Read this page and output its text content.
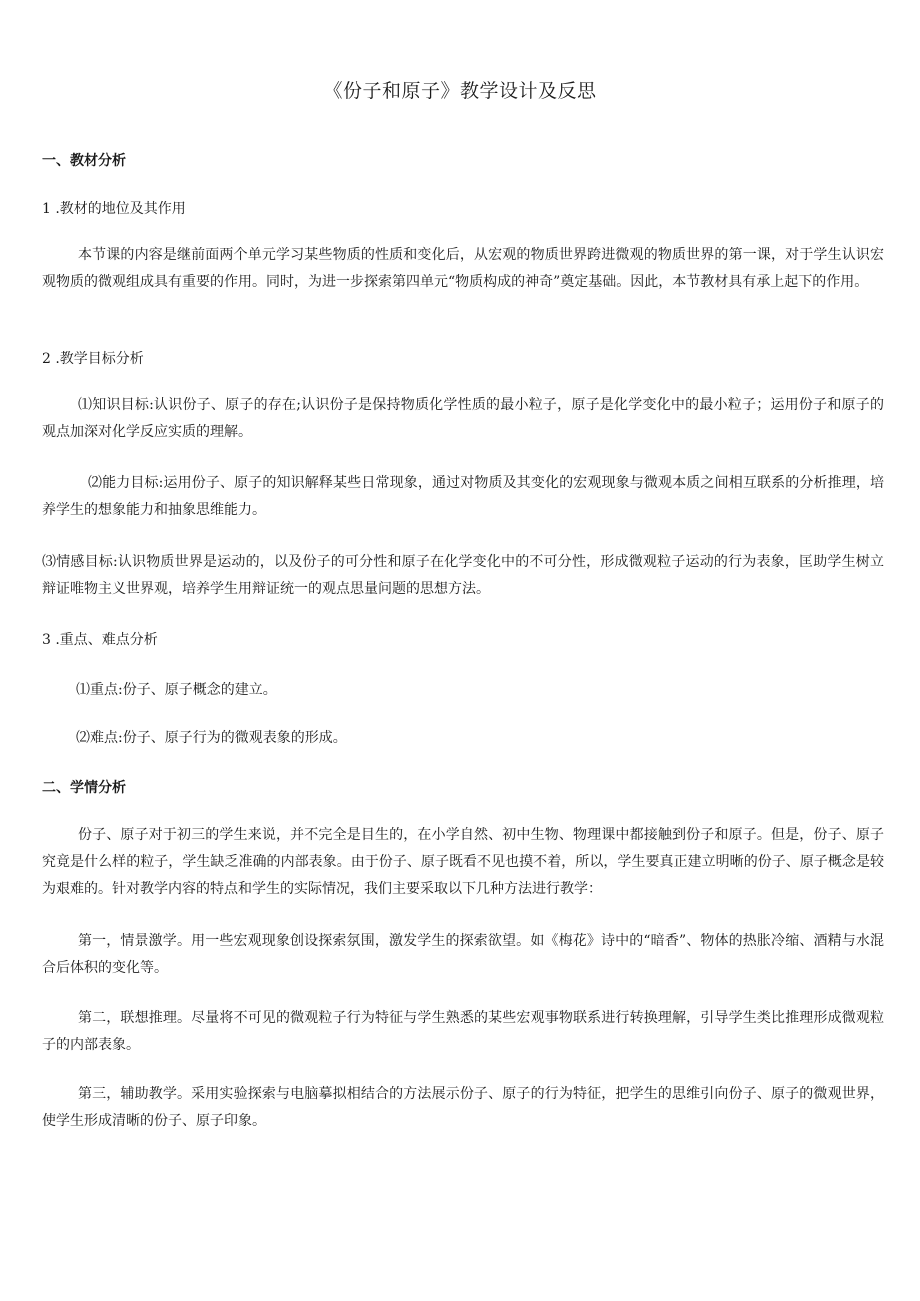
《份子和原子》教学设计及反思
一、教材分析

1 .教材的地位及其作用

本节课的内容是继前面两个单元学习某些物质的性质和变化后，从宏观的物质世界跨进微观的物质世界的第一课，对于学生认识宏观物质的微观组成具有重要的作用。同时，为进一步探索第四单元“物质构成的神奇”奠定基础。因此，本节教材具有承上起下的作用。

2 .教学目标分析

⑴知识目标:认识份子、原子的存在;认识份子是保持物质化学性质的最小粒子，原子是化学变化中的最小粒子；运用份子和原子的观点加深对化学反应实质的理解。

⑵能力目标:运用份子、原子的知识解释某些日常现象，通过对物质及其变化的宏观现象与微观本质之间相互联系的分析推理，培养学生的想象能力和抽象思维能力。

⑶情感目标:认识物质世界是运动的，以及份子的可分性和原子在化学变化中的不可分性，形成微观粒子运动的行为表象，匡助学生树立辩证唯物主义世界观，培养学生用辩证统一的观点思量问题的思想方法。

3 .重点、难点分析

⑴重点:份子、原子概念的建立。

⑵难点:份子、原子行为的微观表象的形成。

二、学情分析

份子、原子对于初三的学生来说，并不完全是目生的，在小学自然、初中生物、物理课中都接触到份子和原子。但是，份子、原子究竟是什么样的粒子，学生缺乏准确的内部表象。由于份子、原子既看不见也摸不着，所以，学生要真正建立明晰的份子、原子概念是较为艰难的。针对教学内容的特点和学生的实际情况，我们主要采取以下几种方法进行教学：

第一，情景激学。用一些宏观现象创设探索氛围，激发学生的探索欲望。如《梅花》诗中的“暗香”、物体的热胀冷缩、酒精与水混合后体积的变化等。

第二，联想推理。尽量将不可见的微观粒子行为特征与学生熟悉的某些宏观事物联系进行转换理解，引导学生类比推理形成微观粒子的内部表象。

第三，辅助教学。采用实验探索与电脑摹拟相结合的方法展示份子、原子的行为特征，把学生的思维引向份子、原子的微观世界，使学生形成清晰的份子、原子印象。
